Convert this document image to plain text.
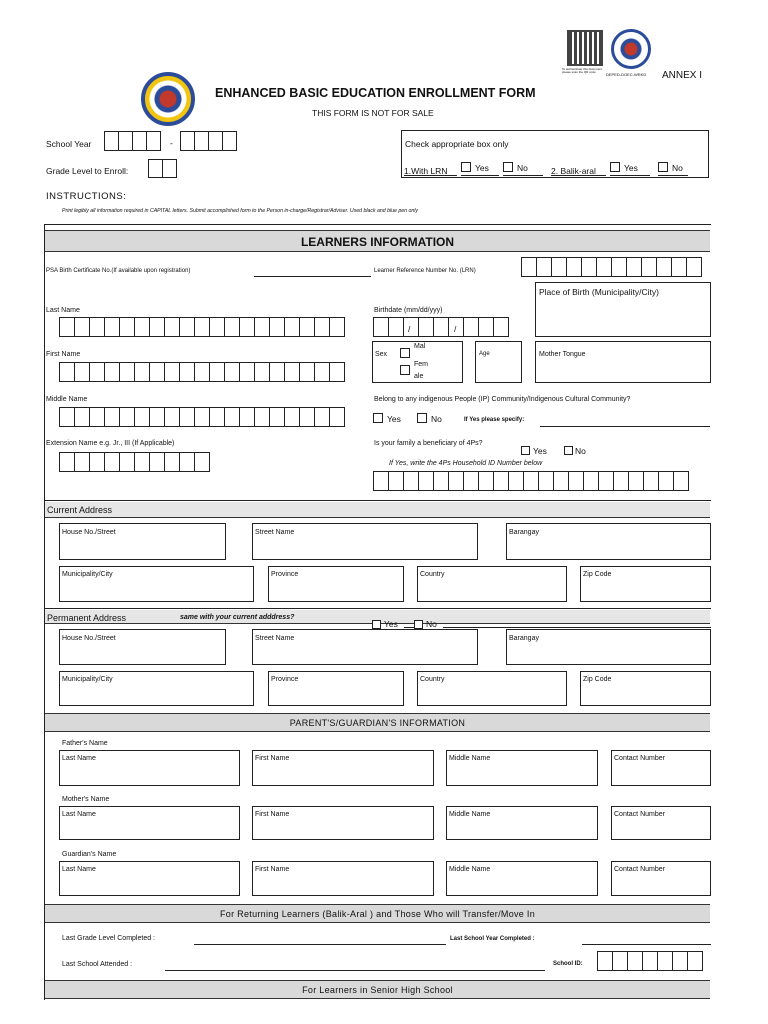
To authenticate this document, please scan the QR code	DEPED-DOEC-WRKD ANNEX I
ENHANCED BASIC EDUCATION ENROLLMENT FORM
THIS FORM IS NOT FOR SALE
School Year	-
Grade Level to Enroll:
Check appropriate box only
1.With LRN	Yes	No	2. Balik-aral	Yes	No
INSTRUCTIONS:
Print legibly all information required in CAPITAL letters. Submit accomplished form to the Person in-charge/Registrar/Adviser. Used black and blue pen only
LEARNERS INFORMATION
PSA Birth Certificate No.(If available upon registration)	Learner Reference Number No. (LRN)
Place of Birth (Municipality/City)
Last Name	Birthdate (mm/dd/yyy)
/	/
First Name	Sex
Mal
Fem
ale
Age	Mother Tongue
Middle Name	Belong to any indigenous People (IP) Community/Indigenous Cultural Community?
Yes	No	If Yes please specify:
Extension Name e.g. Jr., III (If Applicable)	Is your family a beneficiary of 4Ps?
Yes	No
If Yes, write the 4Ps Household ID Number below
Current Address
House No./Street	Street Name	Barangay
Municipality/City	Province	Country	Zip Code
Permanent Address	same with your current adddress?
Yes	No
House No./Street	Street Name	Barangay
Municipality/City	Province	Country	Zip Code
PARENT'S/GUARDIAN'S INFORMATION
Father's Name
Last Name	First Name	Middle Name	Contact Number
Mother's Name
Last Name	First Name	Middle Name	Contact Number
Guardian's Name
Last Name	First Name	Middle Name	Contact Number
For Returning Learners (Balik-Aral ) and Those Who will Transfer/Move In
Last Grade Level Completed :	Last School Year Completed :
Last School Attended :	School ID:
For Learners in Senior High School
